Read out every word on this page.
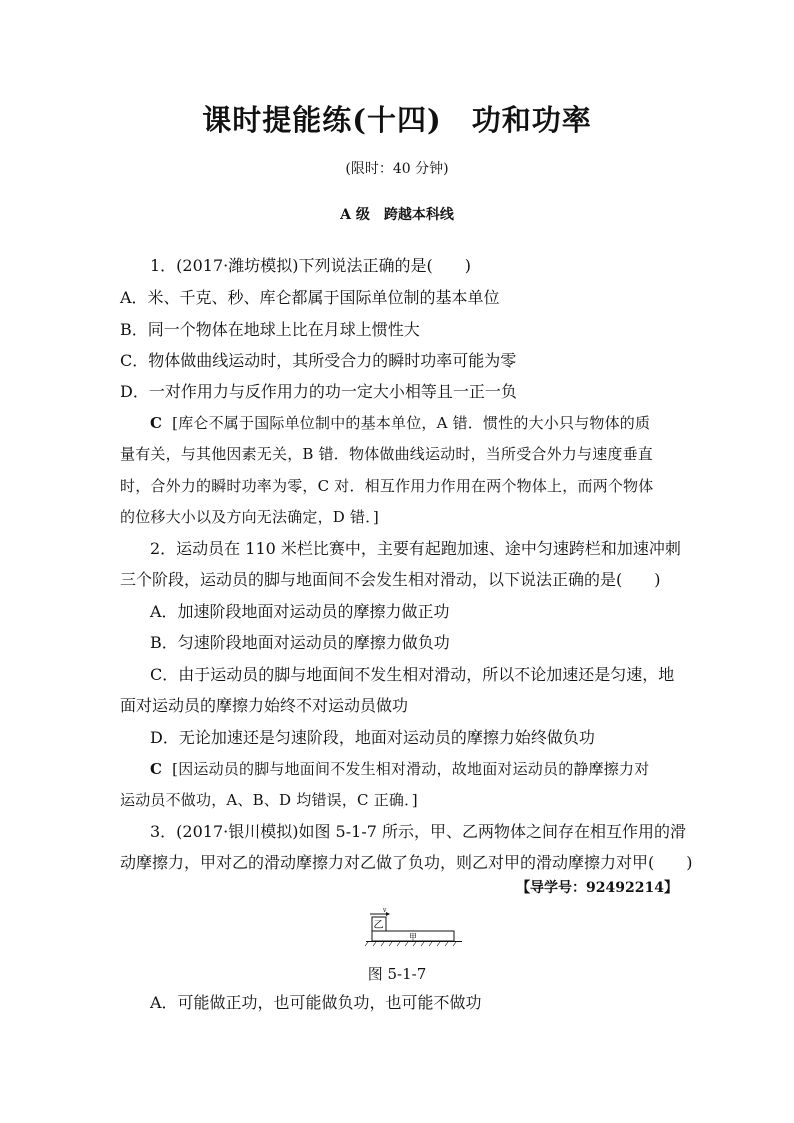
课时提能练(十四)　功和功率
(限时：40 分钟)
A 级　跨越本科线
1．(2017·潍坊模拟)下列说法正确的是(　　)
A．米、千克、秒、库仑都属于国际单位制的基本单位
B．同一个物体在地球上比在月球上惯性大
C．物体做曲线运动时，其所受合力的瞬时功率可能为零
D．一对作用力与反作用力的功一定大小相等且一正一负
C [库仑不属于国际单位制中的基本单位，A 错．惯性的大小只与物体的质
量有关，与其他因素无关，B 错．物体做曲线运动时，当所受合外力与速度垂直
时，合外力的瞬时功率为零，C 对．相互作用力作用在两个物体上，而两个物体
的位移大小以及方向无法确定，D 错．]
2．运动员在 110 米栏比赛中，主要有起跑加速、途中匀速跨栏和加速冲刺
三个阶段，运动员的脚与地面间不会发生相对滑动，以下说法正确的是(　　)
A．加速阶段地面对运动员的摩擦力做正功
B．匀速阶段地面对运动员的摩擦力做负功
C．由于运动员的脚与地面间不发生相对滑动，所以不论加速还是匀速，地
面对运动员的摩擦力始终不对运动员做功
D．无论加速还是匀速阶段，地面对运动员的摩擦力始终做负功
C [因运动员的脚与地面间不发生相对滑动，故地面对运动员的静摩擦力对
运动员不做功，A、B、D 均错误，C 正确．]
3．(2017·银川模拟)如图 5-1-7 所示，甲、乙两物体之间存在相互作用的滑
动摩擦力，甲对乙的滑动摩擦力对乙做了负功，则乙对甲的滑动摩擦力对甲(　　)
【导学号：92492214】
v
乙
甲
图 5-1-7
A．可能做正功，也可能做负功，也可能不做功
